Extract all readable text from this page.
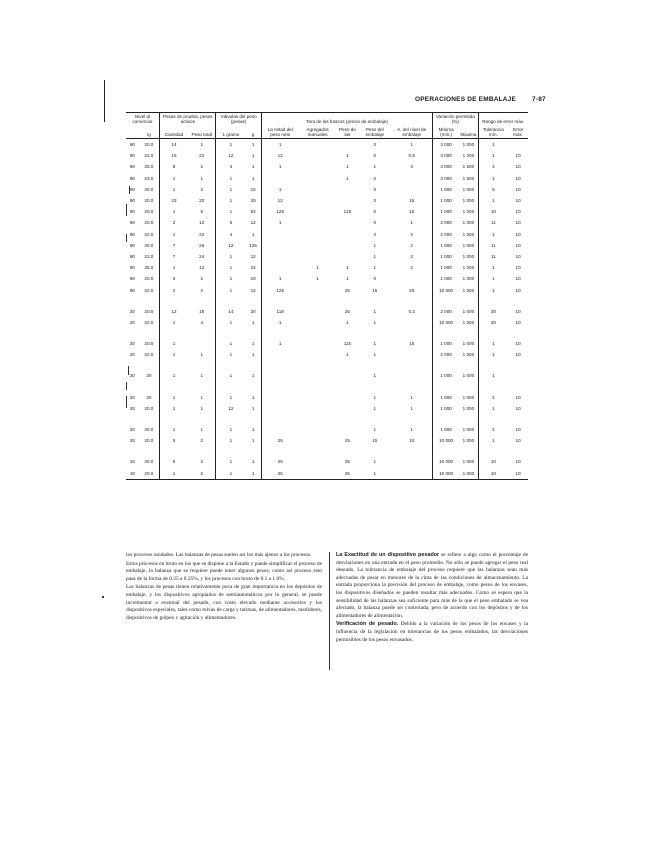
OPERACIONES DE EMBALAJE 7-87
Nivel al comerciar		Pesas de prueba, pesos activos		Válvulas del peso (pesas)		Tara de los frascos (precio de embalaje)					Variación permitida (%)		Rango de error máx.	
	Ig	Cantidad	Peso total	1 gramo	g	La mitad del peso neto	Agregados manuales	Peso de las	Peso del embalaje	A. del nivel de embalaje	Mínima (mín.)	Máxima	Tolerancia mín.	Error máx.
90	20.0	14	1	1	1	1			0	1	3 000	1 000	1	
90	22.0	16	22	12	1	12		1	0	0.5	3 000	1 200	1	10
90	25.0	9	2	3	1	1		1	1	3	3 000	1 500	4	10
90	23.0	1	1	1	1			1	0		3 000	1 500	1	10
90	20.0	1	2	1	15	1			0		1 000	1 000	5	10
90	20.0	23	20	1	20	12			0	15	1 000	1 000	1	10
90	20.0	1	5	1	52	125		125	0	15	1 000	1 000	10	10
90	20.0	2	12	5	12	1			0	1	2 000	1 000	11	10
90	20.0	1	22	4	1				2	2	2 000	1 000	1	10
90	20.0	7	26	12	125				1	2	1 000	1 000	11	10
90	22.0	7	24	1	12				1	2	1 000	1 000	11	10
90	25.0	1	12	1	22		1	1	1	2	1 000	1 000	1	10
90	20.0	3	2	1	19	1	1	1	0		1 000	1 000	1	10
90	20.0	2	2	1	12	125		25	15	25	10 000	1 000	1	10

20	20.0	12	15	14	20	119		25	1	0.2	2 000	1 000	20	10
20	20.0	1	4	1	1	1		1	1		10 000	1 000	20	10

20	20.0	1		1	1	1		115	1	15	1 000	1 000	1	10
20	20.0	1	1	1	1			1	1		2 000	1 000	1	10

20	20	1	1	1	1				1		1 000	1 000	1	

20	20	1	1	1	1				1	1	1 000	1 000	1	10
20	20.0	1	1	12	1				1	1	1 000	1 000	1	10

20	20.0	1	1	1	1				1	1	1 000	1 000	1	10
20	20.0	5	2	1	1	25		25	15	10	10 000	1 000	1	10

10	20.0	5	2	1	1	25		25	1		10 000	1 000	10	10
10	20.0	1	2	1	1	25		25	1		10 000	1 000	10	10

los procesos unidades. Las balanzas de pesas suelen ser los más ajenos a los procesos.

Estos procesos en bruto en los que se dispone a la Estado y puede simplificar el proceso de embalaje, la balanza que se requiere puede tener algunos pesos; como así proceso esto pasa de la forma de 0.25 a 0.25%, y los procesos con bruto de 0.1 a 1.0%.

Las balanzas de pesas tienen relativamente poca de gran importancia en los depósitos de embalaje, y los dispositivos apropiados de semiautomáticos por lo general, se puede incrementar a eventual del pesado, con costo elevado mediante accesorios y los dispositivos especiales, tales como tolvas de carga y tarimas, de alimentadores, medidores, dispositivos de golpeo y agitación y alimentadores.

La Exactitud de un dispositivo pesador se refiere a algo como el porcentaje de desviaciones en una entrada en el peso promedio. No sólo se puede agregar el peso real deseado. La tolerancia de embalaje del proceso requiere que las balanzas sean más adecuadas de pesar en menores de la cinta de las condiciones de almacenamiento. La entrada proporciona la precisión del proceso de embalaje, como pesos de los envases, los dispositivos diseñados se pueden resultar más adecuados. Como se espera que la sensibilidad de las balanzas sea suficiente para más de la que el peso embalado se vea afectado, la balanza puede ser controlada, pero de acuerdo con los depósitos y de los alimentadores de alimentación.

Verificación de pesado. Debido a la variación de los pesos de los envases y la influencia de la legislación en tolerancias de los pesos embalados, las desviaciones permisibles de los pesos envasados.
